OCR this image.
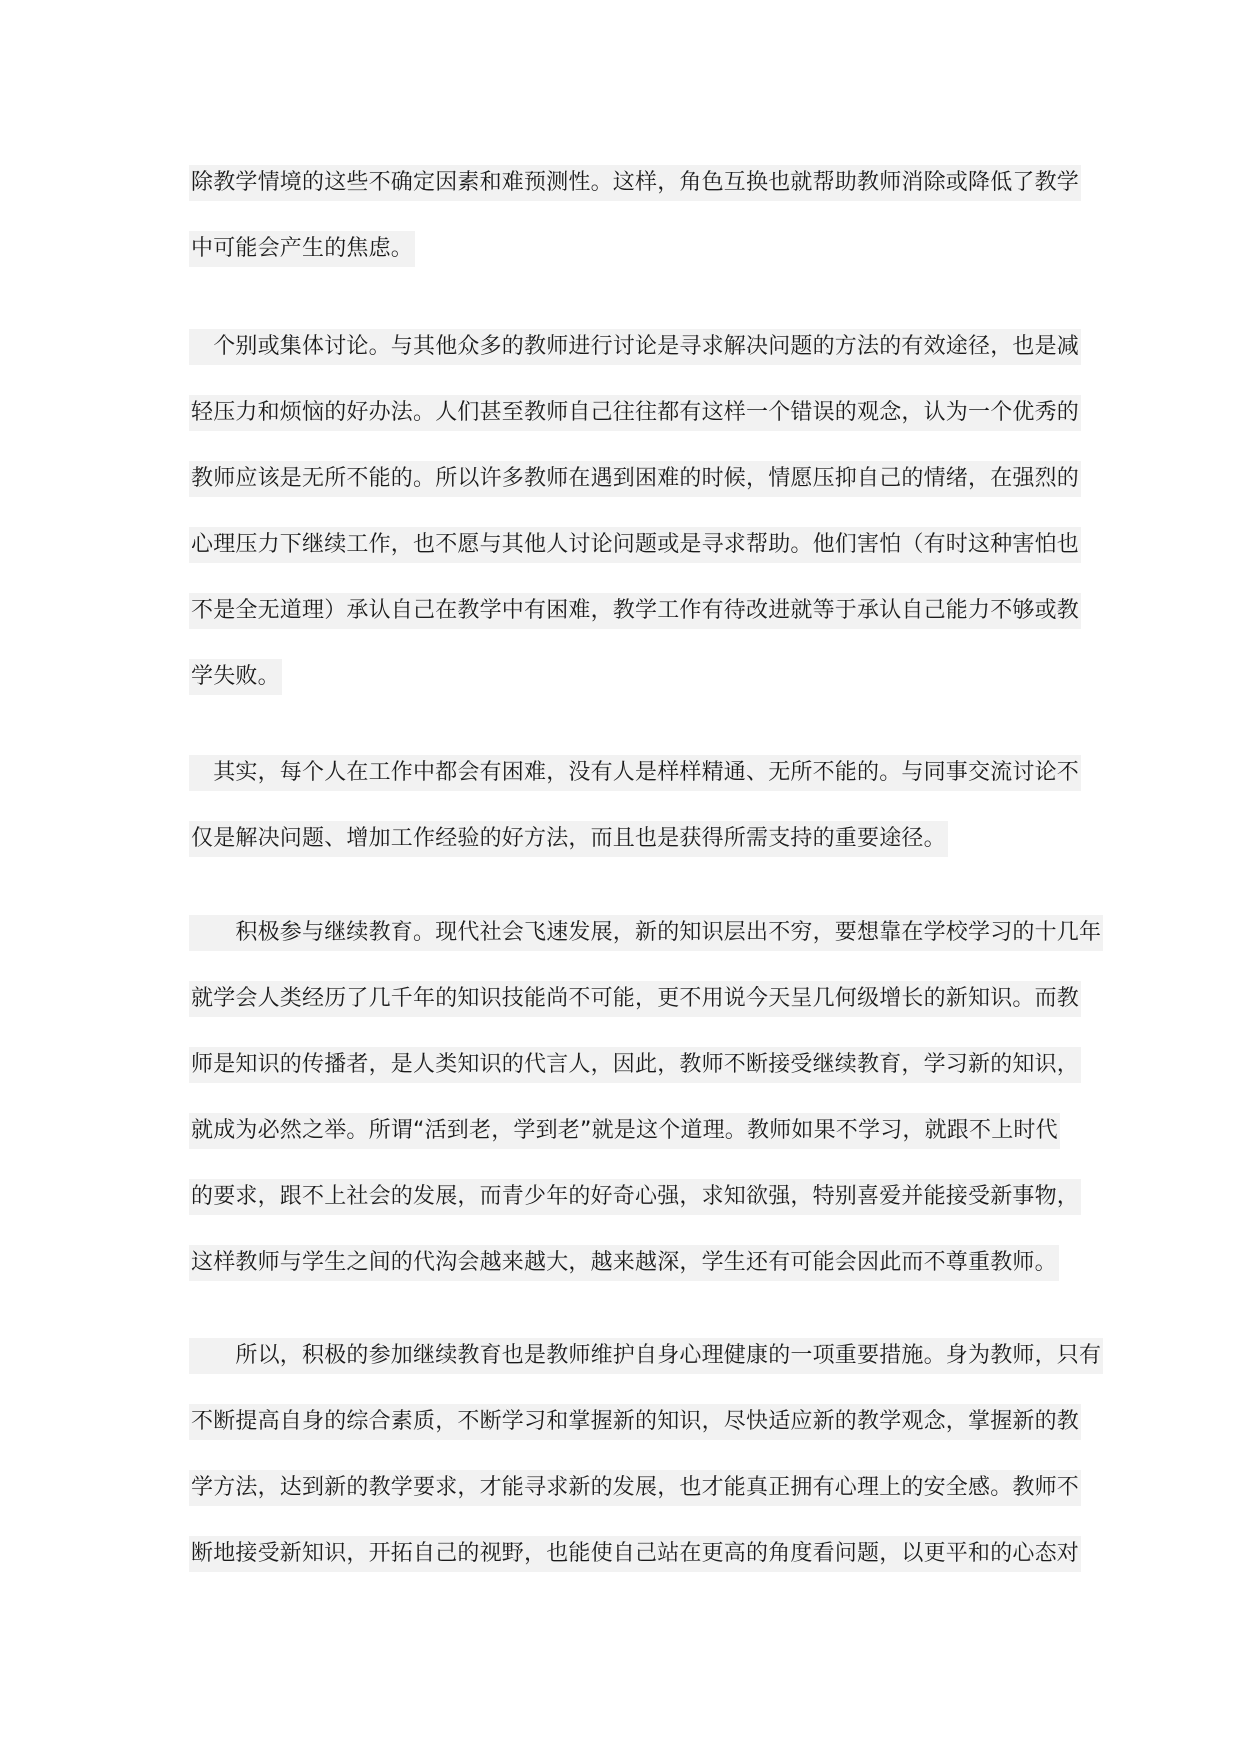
除教学情境的这些不确定因素和难预测性。这样，角色互换也就帮助教师消除或降低了教学
中可能会产生的焦虑。
　个别或集体讨论。与其他众多的教师进行讨论是寻求解决问题的方法的有效途径，也是减
轻压力和烦恼的好办法。人们甚至教师自己往往都有这样一个错误的观念，认为一个优秀的
教师应该是无所不能的。所以许多教师在遇到困难的时候，情愿压抑自己的情绪，在强烈的
心理压力下继续工作，也不愿与其他人讨论问题或是寻求帮助。他们害怕（有时这种害怕也
不是全无道理）承认自己在教学中有困难，教学工作有待改进就等于承认自己能力不够或教
学失败。
　其实，每个人在工作中都会有困难，没有人是样样精通、无所不能的。与同事交流讨论不
仅是解决问题、增加工作经验的好方法，而且也是获得所需支持的重要途径。
　　积极参与继续教育。现代社会飞速发展，新的知识层出不穷，要想靠在学校学习的十几年
就学会人类经历了几千年的知识技能尚不可能，更不用说今天呈几何级增长的新知识。而教
师是知识的传播者，是人类知识的代言人，因此，教师不断接受继续教育，学习新的知识，
就成为必然之举。所谓“活到老，学到老”就是这个道理。教师如果不学习，就跟不上时代
的要求，跟不上社会的发展，而青少年的好奇心强，求知欲强，特别喜爱并能接受新事物，
这样教师与学生之间的代沟会越来越大，越来越深，学生还有可能会因此而不尊重教师。
　　所以，积极的参加继续教育也是教师维护自身心理健康的一项重要措施。身为教师，只有
不断提高自身的综合素质，不断学习和掌握新的知识，尽快适应新的教学观念，掌握新的教
学方法，达到新的教学要求，才能寻求新的发展，也才能真正拥有心理上的安全感。教师不
断地接受新知识，开拓自己的视野，也能使自己站在更高的角度看问题，以更平和的心态对
